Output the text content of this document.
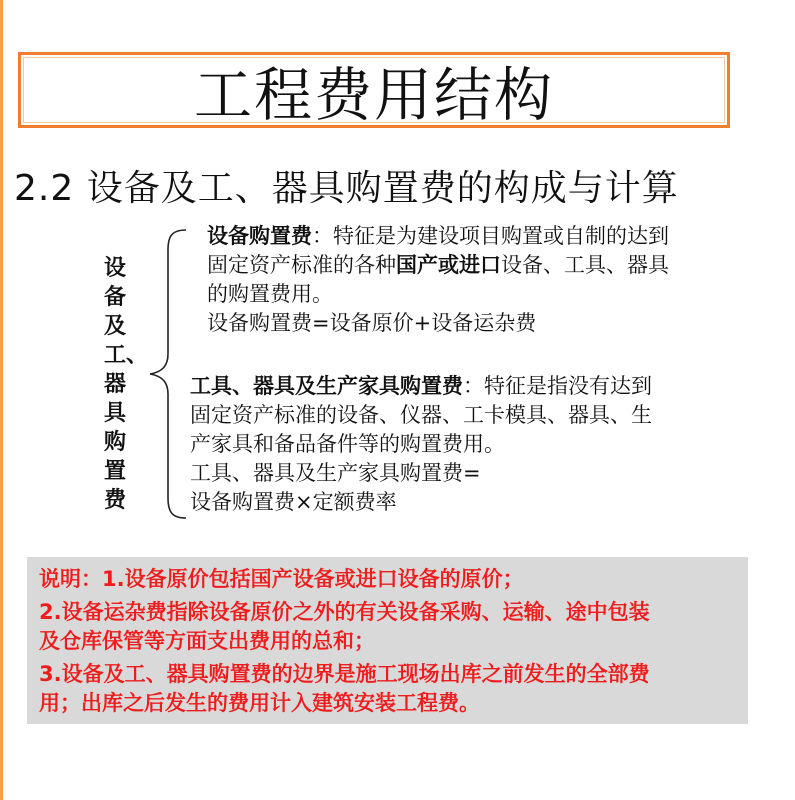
工程费用结构
2.2 设备及工、器具购置费的构成与计算
设
备
及
工、
器
具
购
置
费
设备购置费：特征是为建设项目购置或自制的达到
固定资产标准的各种国产或进口设备、工具、器具
的购置费用。
设备购置费=设备原价+设备运杂费
工具、器具及生产家具购置费：特征是指没有达到
固定资产标准的设备、仪器、工卡模具、器具、生
产家具和备品备件等的购置费用。
工具、器具及生产家具购置费=
设备购置费×定额费率
说明：1.设备原价包括国产设备或进口设备的原价；
2.设备运杂费指除设备原价之外的有关设备采购、运输、途中包装
及仓库保管等方面支出费用的总和；
3.设备及工、器具购置费的边界是施工现场出库之前发生的全部费
用；出库之后发生的费用计入建筑安装工程费。
